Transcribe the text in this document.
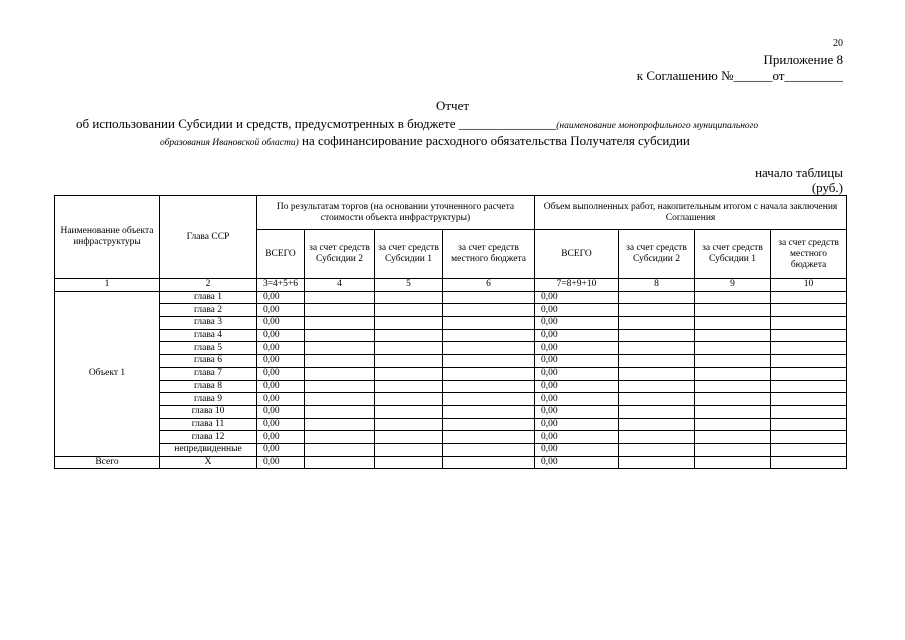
20
Приложение 8
к Соглашению №______от_________
Отчет
об использовании Субсидии и средств, предусмотренных в бюджете _______________(наименование монопрофильного муниципального
образования Ивановской области) на софинансирование расходного обязательства Получателя субсидии
начало таблицы
(руб.)
Наименование объекта инфраструктуры	Глава ССР	По результатам торгов (на основании уточненного расчета стоимости объекта инфраструктуры)				Объем выполненных работ, накопительным итогом с начала заключения Соглашения			
		ВСЕГО	за счет средств Субсидии 2	за счет средств Субсидии 1	за счет средств местного бюджета	ВСЕГО	за счет средств Субсидии 2	за счет средств Субсидии 1	за счет средств местного бюджета
1	2	3=4+5+6	4	5	6	7=8+9+10	8	9	10
Объект 1	глава 1	0,00				0,00			
	глава 2	0,00				0,00			
	глава 3	0,00				0,00			
	глава 4	0,00				0,00			
	глава 5	0,00				0,00			
	глава 6	0,00				0,00			
	глава 7	0,00				0,00			
	глава 8	0,00				0,00			
	глава 9	0,00				0,00			
	глава 10	0,00				0,00			
	глава 11	0,00				0,00			
	глава 12	0,00				0,00			
	непредвиденные	0,00				0,00			
Всего	Х	0,00				0,00			
